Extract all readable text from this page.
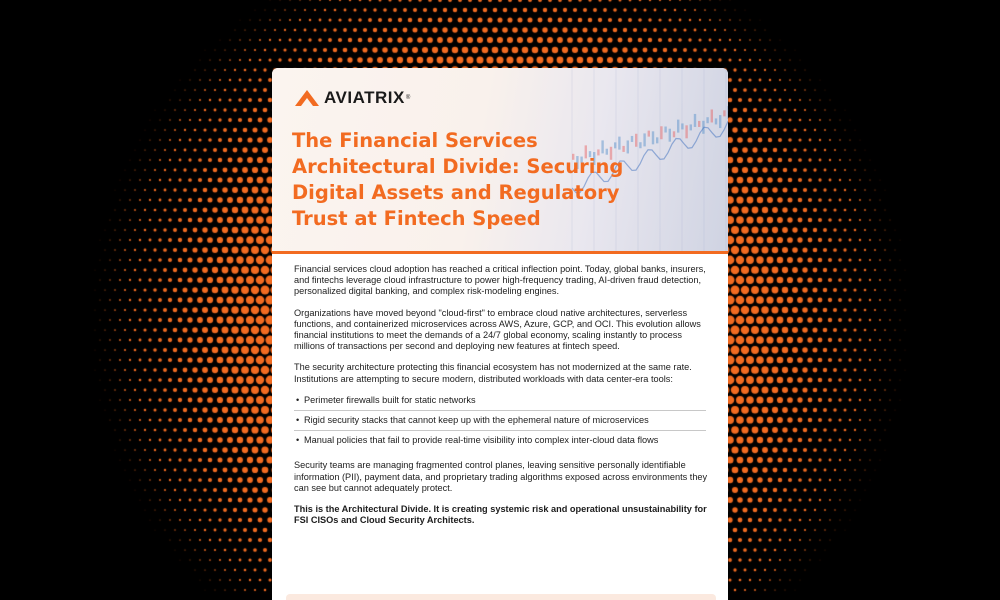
AVIATRIX ®
The Financial Services Architectural Divide: Securing Digital Assets and Regulatory Trust at Fintech Speed

Financial services cloud adoption has reached a critical inflection point. Today, global banks, insurers, and fintechs leverage cloud infrastructure to power high-frequency trading, AI-driven fraud detection, personalized digital banking, and complex risk-modeling engines.

Organizations have moved beyond "cloud-first" to embrace cloud native architectures, serverless functions, and containerized microservices across AWS, Azure, GCP, and OCI. This evolution allows financial institutions to meet the demands of a 24/7 global economy, scaling instantly to process millions of transactions per second and deploying new features at fintech speed.

The security architecture protecting this financial ecosystem has not modernized at the same rate. Institutions are attempting to secure modern, distributed workloads with data center-era tools:

• Perimeter firewalls built for static networks
• Rigid security stacks that cannot keep up with the ephemeral nature of microservices
• Manual policies that fail to provide real-time visibility into complex inter-cloud data flows

Security teams are managing fragmented control planes, leaving sensitive personally identifiable information (PII), payment data, and proprietary trading algorithms exposed across environments they can see but cannot adequately protect.

This is the Architectural Divide. It is creating systemic risk and operational unsustainability for FSI CISOs and Cloud Security Architects.
